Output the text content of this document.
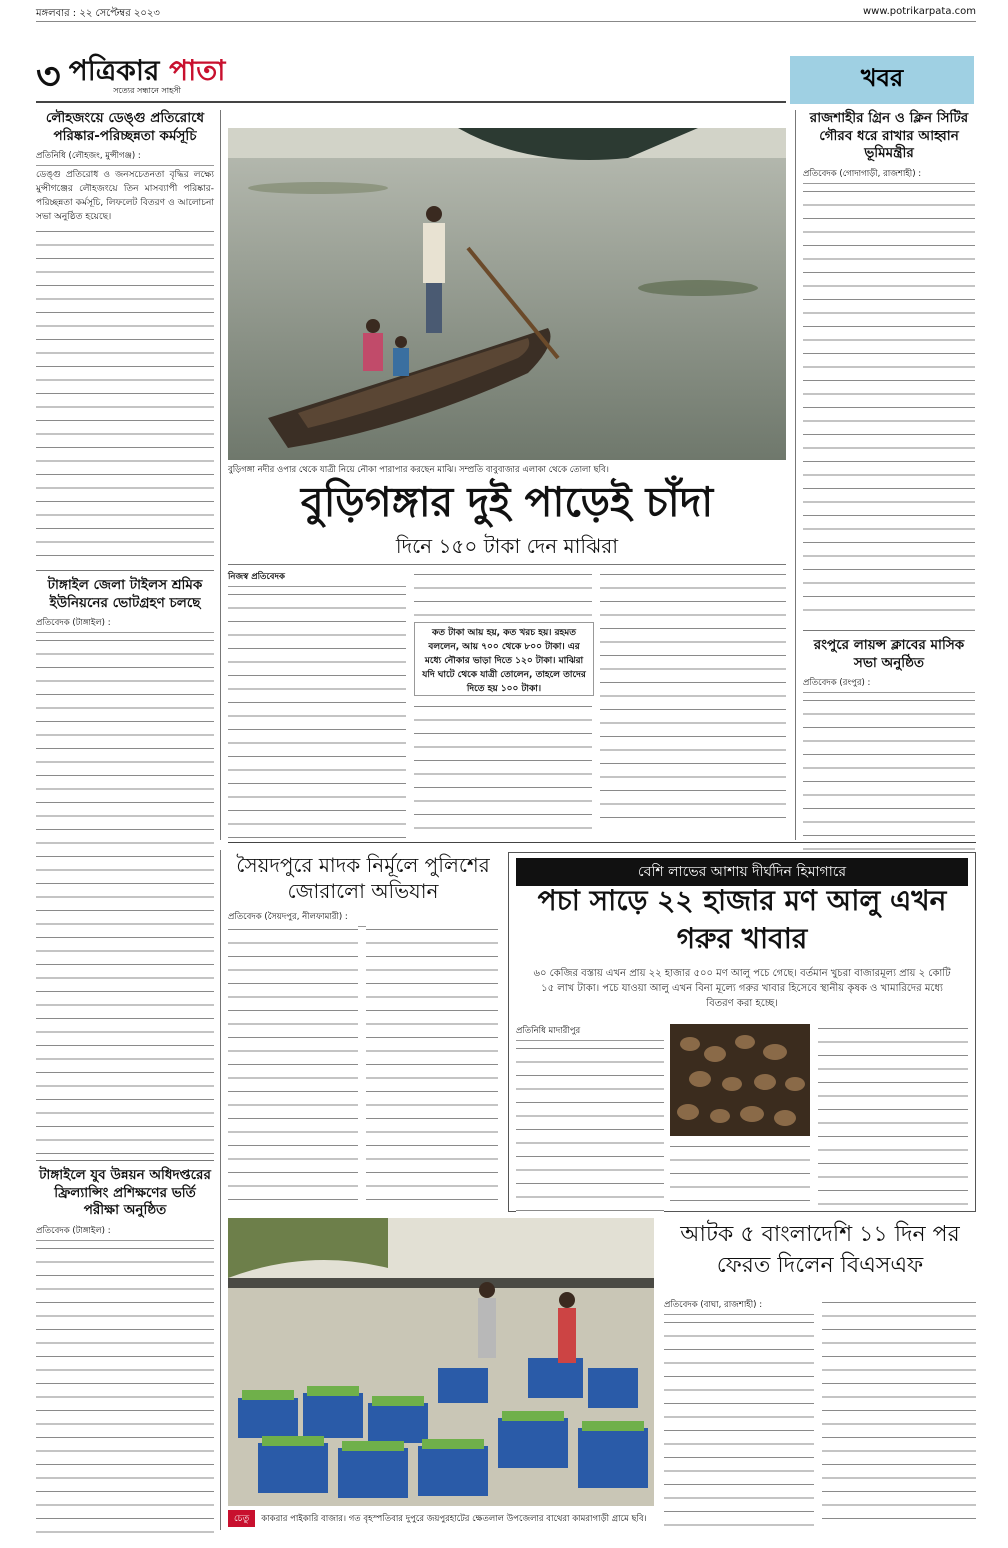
মঙ্গলবার : ২২ সেপ্টেম্বর ২০২৩	www.potrikarpata.com
৩ পত্রিকার পাতা
সত্যের সন্ধানে সাহসী	খবর
লৌহজংয়ে ডেঙ্গু প্রতিরোধে পরিষ্কার-পরিচ্ছন্নতা কর্মসূচি
প্রতিনিধি (লৌহজং, মুন্সীগঞ্জ) :
ডেঙ্গু প্রতিরোধ ও জনসচেতনতা বৃদ্ধির লক্ষ্যে মুন্সীগঞ্জের লৌহজংয়ে তিন মাসব্যাপী পরিষ্কার-পরিচ্ছন্নতা কর্মসূচি, লিফলেট বিতরণ ও আলোচনা সভা অনুষ্ঠিত হয়েছে।
টাঙ্গাইল জেলা টাইলস শ্রমিক ইউনিয়নের ভোটগ্রহণ চলছে
প্রতিবেদক (টাঙ্গাইল) :
টাঙ্গাইলে যুব উন্নয়ন অধিদপ্তরের ফ্রিল্যান্সিং প্রশিক্ষণের ভর্তি পরীক্ষা অনুষ্ঠিত
প্রতিবেদক (টাঙ্গাইল) :
বুড়িগঙ্গা নদীর ওপার থেকে যাত্রী নিয়ে নৌকা পারাপার করছেন মাঝি। সম্প্রতি বাবুবাজার এলাকা থেকে তোলা ছবি।
বুড়িগঙ্গার দুই পাড়েই চাঁদা
দিনে ১৫০ টাকা দেন মাঝিরা
নিজস্ব প্রতিবেদক
কত টাকা আয় হয়, কত খরচ হয়। রহমত বললেন, আয় ৭০০ থেকে ৮০০ টাকা। এর মধ্যে নৌকার ভাড়া দিতে ১২০ টাকা। মাঝিরা যদি ঘাটে থেকে যাত্রী তোলেন, তাহলে তাদের দিতে হয় ১০০ টাকা।
রাজশাহীর গ্রিন ও ক্লিন সিটির গৌরব ধরে রাখার আহ্বান ভূমিমন্ত্রীর
প্রতিবেদক (গোদাগাড়ী, রাজশাহী) :
রংপুরে লায়ন্স ক্লাবের মাসিক সভা অনুষ্ঠিত
প্রতিবেদক (রংপুর) :
সৈয়দপুরে মাদক নির্মূলে পুলিশের জোরালো অভিযান
প্রতিবেদক (সৈয়দপুর, নীলফামারী) :
বেশি লাভের আশায় দীর্ঘদিন হিমাগারে
পচা সাড়ে ২২ হাজার মণ আলু এখন গরুর খাবার
৬০ কেজির বস্তায় এখন প্রায় ২২ হাজার ৫০০ মণ আলু পচে গেছে। বর্তমান খুচরা বাজারমূল্য প্রায় ২ কোটি ১৫ লাখ টাকা। পচে যাওয়া আলু এখন বিনা মূল্যে গরুর খাবার হিসেবে স্থানীয় কৃষক ও খামারিদের মধ্যে বিতরণ করা হচ্ছে।
প্রতিনিধি মাদারীপুর
চেতু	কাকরার পাইকারি বাজার। গত বৃহস্পতিবার দুপুরে জয়পুরহাটের ক্ষেতলাল উপজেলার বাথেরা কামরাগাড়ী গ্রামে ছবি।
আটক ৫ বাংলাদেশি ১১ দিন পর ফেরত দিলেন বিএসএফ
প্রতিবেদক (বাঘা, রাজশাহী) :
